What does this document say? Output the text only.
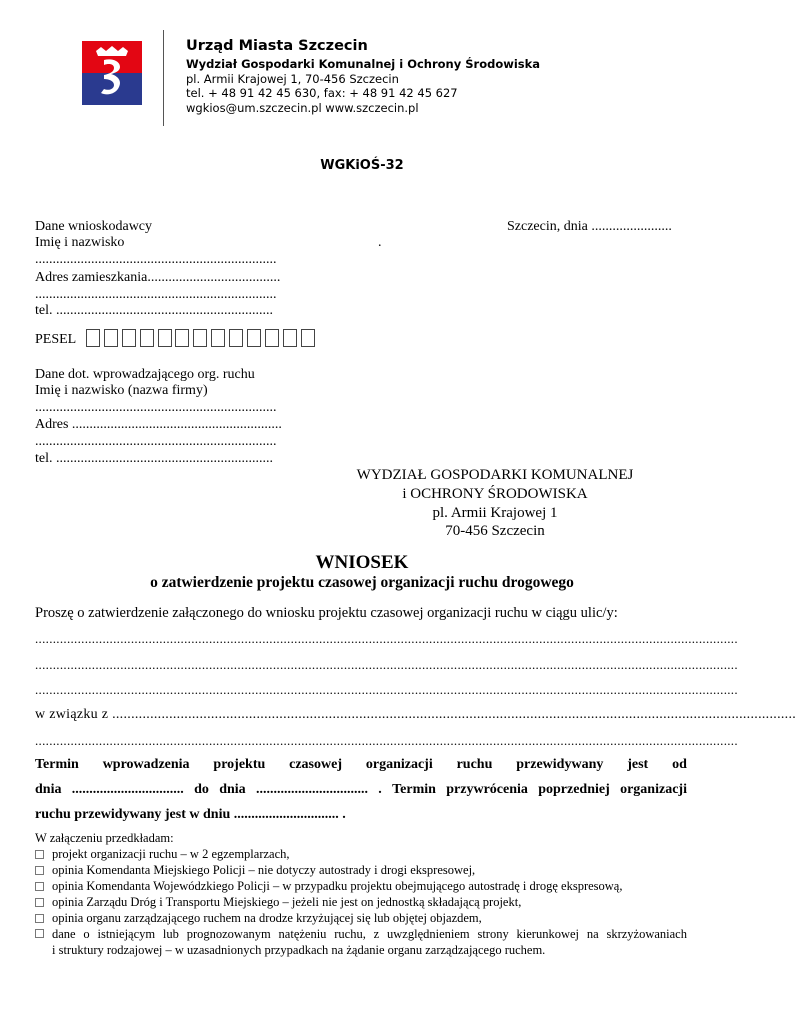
Urząd Miasta Szczecin
Wydział Gospodarki Komunalnej i Ochrony Środowiska
pl. Armii Krajowej 1, 70-456 Szczecin
tel. + 48 91 42 45 630, fax: + 48 91 42 45 627
wgkios@um.szczecin.pl www.szczecin.pl
WGKiOŚ-32
Dane wnioskodawcy	Szczecin, dnia .......................
Imię i nazwisko	.
.....................................................................
Adres zamieszkania......................................
.....................................................................
tel. ..............................................................
PESEL
Dane dot. wprowadzającego org. ruchu
Imię i nazwisko (nazwa firmy)
.....................................................................
Adres ............................................................
.....................................................................
tel. ..............................................................
WYDZIAŁ GOSPODARKI KOMUNALNEJ
i OCHRONY ŚRODOWISKA
pl. Armii Krajowej 1
70-456 Szczecin
WNIOSEK
o zatwierdzenie projektu czasowej organizacji ruchu drogowego
Proszę o zatwierdzenie załączonego do wniosku projektu czasowej organizacji ruchu w ciągu ulic/y:
......................................................................................................................................................................................................
......................................................................................................................................................................................................
......................................................................................................................................................................................................
w związku z ....................................................................................................................................................................................
......................................................................................................................................................................................................
Termin wprowadzenia projektu czasowej organizacji ruchu przewidywany jest od
dnia ................................ do dnia ................................ . Termin przywrócenia poprzedniej organizacji
ruchu przewidywany jest w dniu .............................. .
W załączeniu przedkładam:
projekt organizacji ruchu – w 2 egzemplarzach,
opinia Komendanta Miejskiego Policji – nie dotyczy autostrady i drogi ekspresowej,
opinia Komendanta Wojewódzkiego Policji – w przypadku projektu obejmującego autostradę i drogę ekspresową,
opinia Zarządu Dróg i Transportu Miejskiego – jeżeli nie jest on jednostką składającą projekt,
opinia organu zarządzającego ruchem na drodze krzyżującej się lub objętej objazdem,
dane o istniejącym lub prognozowanym natężeniu ruchu, z uwzględnieniem strony kierunkowej na skrzyżowaniach
i struktury rodzajowej – w uzasadnionych przypadkach na żądanie organu zarządzającego ruchem.
